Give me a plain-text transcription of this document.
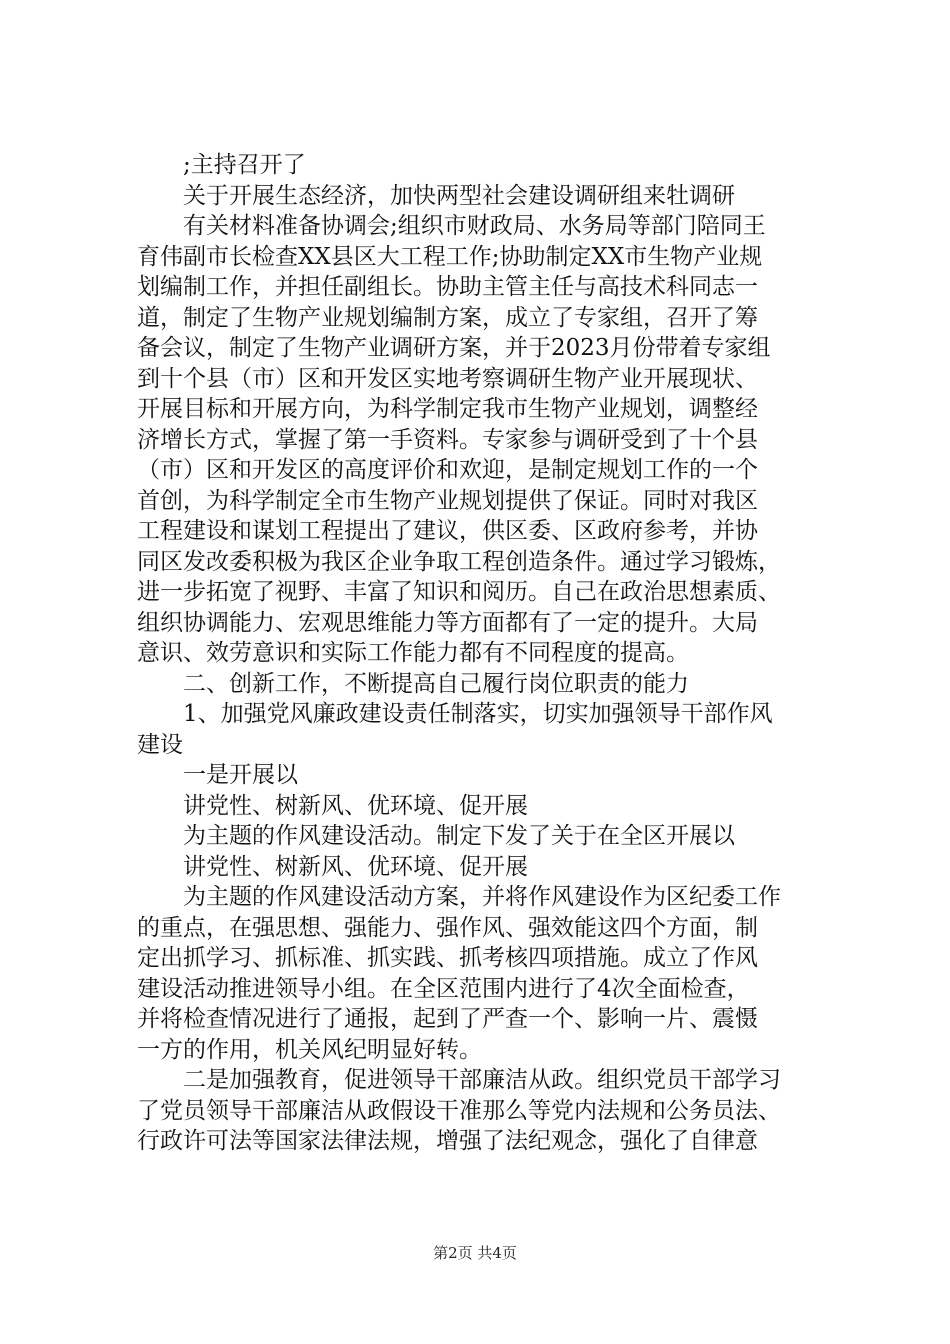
;主持召开了
关于开展生态经济，加快两型社会建设调研组来牡调研
有关材料准备协调会;组织市财政局、水务局等部门陪同王
育伟副市长检查XX县区大工程工作;协助制定XX市生物产业规
划编制工作，并担任副组长。协助主管主任与高技术科同志一
道，制定了生物产业规划编制方案，成立了专家组，召开了筹
备会议，制定了生物产业调研方案，并于2023月份带着专家组
到十个县（市）区和开发区实地考察调研生物产业开展现状、
开展目标和开展方向，为科学制定我市生物产业规划，调整经
济增长方式，掌握了第一手资料。专家参与调研受到了十个县
（市）区和开发区的高度评价和欢迎，是制定规划工作的一个
首创，为科学制定全市生物产业规划提供了保证。同时对我区
工程建设和谋划工程提出了建议，供区委、区政府参考，并协
同区发改委积极为我区企业争取工程创造条件。通过学习锻炼，
进一步拓宽了视野、丰富了知识和阅历。自己在政治思想素质、
组织协调能力、宏观思维能力等方面都有了一定的提升。大局
意识、效劳意识和实际工作能力都有不同程度的提高。
二、创新工作，不断提高自己履行岗位职责的能力
1、加强党风廉政建设责任制落实，切实加强领导干部作风
建设
一是开展以
讲党性、树新风、优环境、促开展
为主题的作风建设活动。制定下发了关于在全区开展以
讲党性、树新风、优环境、促开展
为主题的作风建设活动方案，并将作风建设作为区纪委工作
的重点，在强思想、强能力、强作风、强效能这四个方面，制
定出抓学习、抓标准、抓实践、抓考核四项措施。成立了作风
建设活动推进领导小组。在全区范围内进行了4次全面检查，
并将检查情况进行了通报，起到了严查一个、影响一片、震慑
一方的作用，机关风纪明显好转。
二是加强教育，促进领导干部廉洁从政。组织党员干部学习
了党员领导干部廉洁从政假设干准那么等党内法规和公务员法、
行政许可法等国家法律法规，增强了法纪观念，强化了自律意
第2页 共4页
